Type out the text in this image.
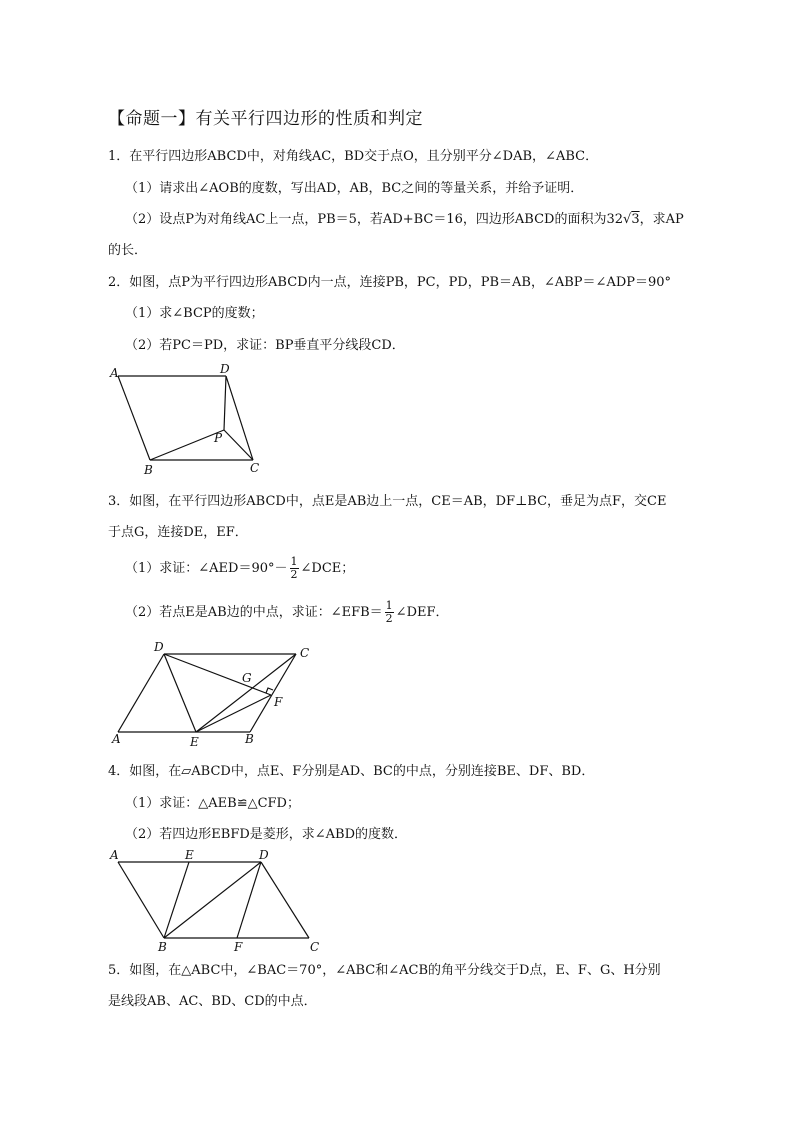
【命题一】有关平行四边形的性质和判定
1．在平行四边形ABCD中，对角线AC，BD交于点O，且分别平分∠DAB，∠ABC．
（1）请求出∠AOB的度数，写出AD，AB，BC之间的等量关系，并给予证明．
（2）设点P为对角线AC上一点，PB＝5，若AD+BC＝16，四边形ABCD的面积为32√3，求AP
的长．
2．如图，点P为平行四边形ABCD内一点，连接PB，PC，PD，PB＝AB，∠ABP＝∠ADP＝90°
（1）求∠BCP的度数；
（2）若PC＝PD，求证：BP垂直平分线段CD．
A	D
P
B	C
3．如图，在平行四边形ABCD中，点E是AB边上一点，CE＝AB，DF⊥BC，垂足为点F，交CE
于点G，连接DE，EF．
（1）求证：∠AED＝90°－ $\frac{1}{2}$ ∠DCE；
（2）若点E是AB边的中点，求证：∠EFB＝ $\frac{1}{2}$ ∠DEF．
D	C
G
F
A	E	B
4．如图，在▱ABCD中，点E、F分别是AD、BC的中点，分别连接BE、DF、BD．
（1）求证：△AEB≌△CFD；
（2）若四边形EBFD是菱形，求∠ABD的度数．
A	E	D
B	F	C
5．如图，在△ABC中，∠BAC＝70°，∠ABC和∠ACB的角平分线交于D点，E、F、G、H分别
是线段AB、AC、BD、CD的中点．
